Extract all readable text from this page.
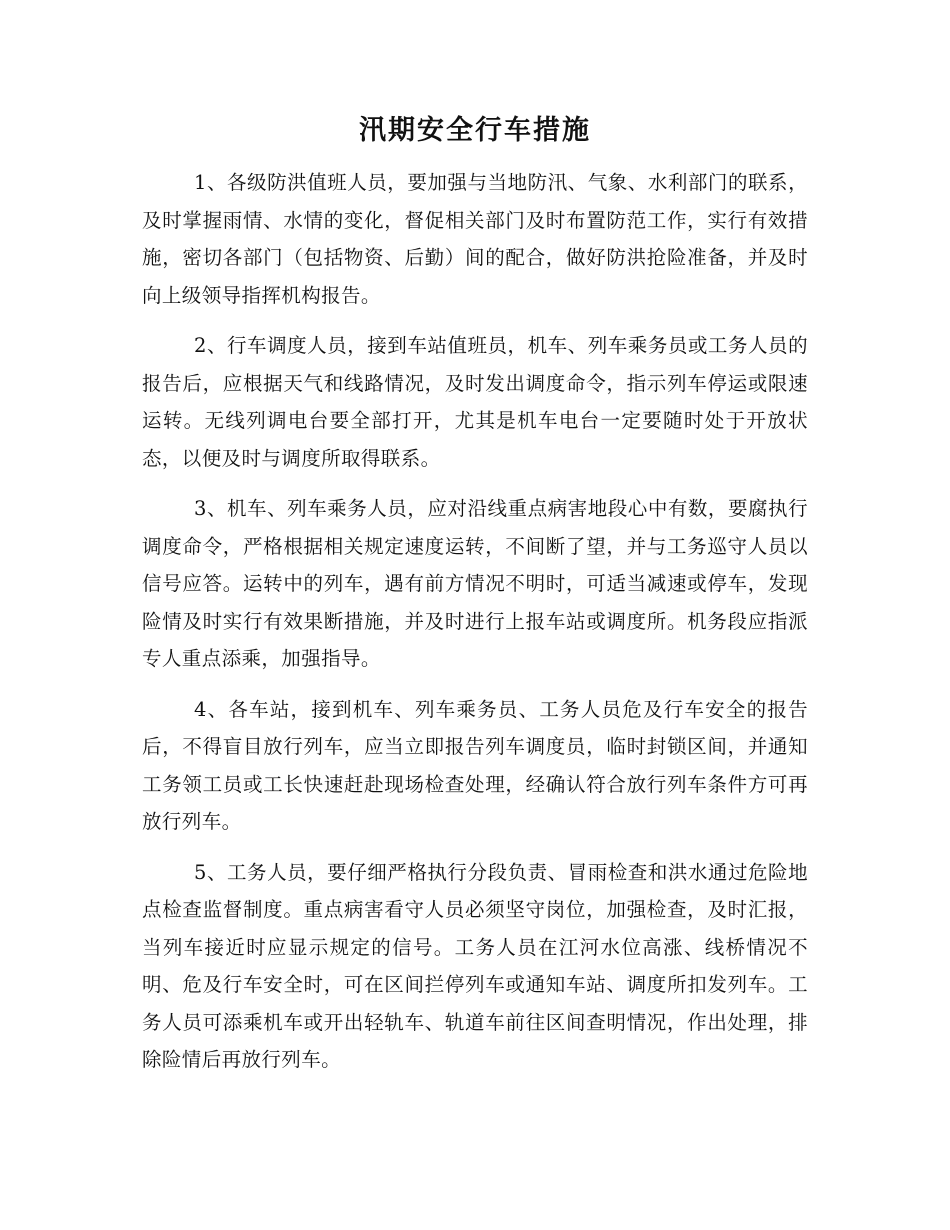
汛期安全行车措施

1、各级防洪值班人员，要加强与当地防汛、气象、水利部门的联系，及时掌握雨情、水情的变化，督促相关部门及时布置防范工作，实行有效措施，密切各部门（包括物资、后勤）间的配合，做好防洪抢险准备，并及时向上级领导指挥机构报告。

2、行车调度人员，接到车站值班员，机车、列车乘务员或工务人员的报告后，应根据天气和线路情况，及时发出调度命令，指示列车停运或限速运转。无线列调电台要全部打开，尤其是机车电台一定要随时处于开放状态，以便及时与调度所取得联系。

3、机车、列车乘务人员，应对沿线重点病害地段心中有数，要腐执行调度命令，严格根据相关规定速度运转，不间断了望，并与工务巡守人员以信号应答。运转中的列车，遇有前方情况不明时，可适当减速或停车，发现险情及时实行有效果断措施，并及时进行上报车站或调度所。机务段应指派专人重点添乘，加强指导。

4、各车站，接到机车、列车乘务员、工务人员危及行车安全的报告后，不得盲目放行列车，应当立即报告列车调度员，临时封锁区间，并通知工务领工员或工长快速赶赴现场检查处理，经确认符合放行列车条件方可再放行列车。

5、工务人员，要仔细严格执行分段负责、冒雨检查和洪水通过危险地点检查监督制度。重点病害看守人员必须坚守岗位，加强检查，及时汇报，当列车接近时应显示规定的信号。工务人员在江河水位高涨、线桥情况不明、危及行车安全时，可在区间拦停列车或通知车站、调度所扣发列车。工务人员可添乘机车或开出轻轨车、轨道车前往区间查明情况，作出处理，排除险情后再放行列车。
